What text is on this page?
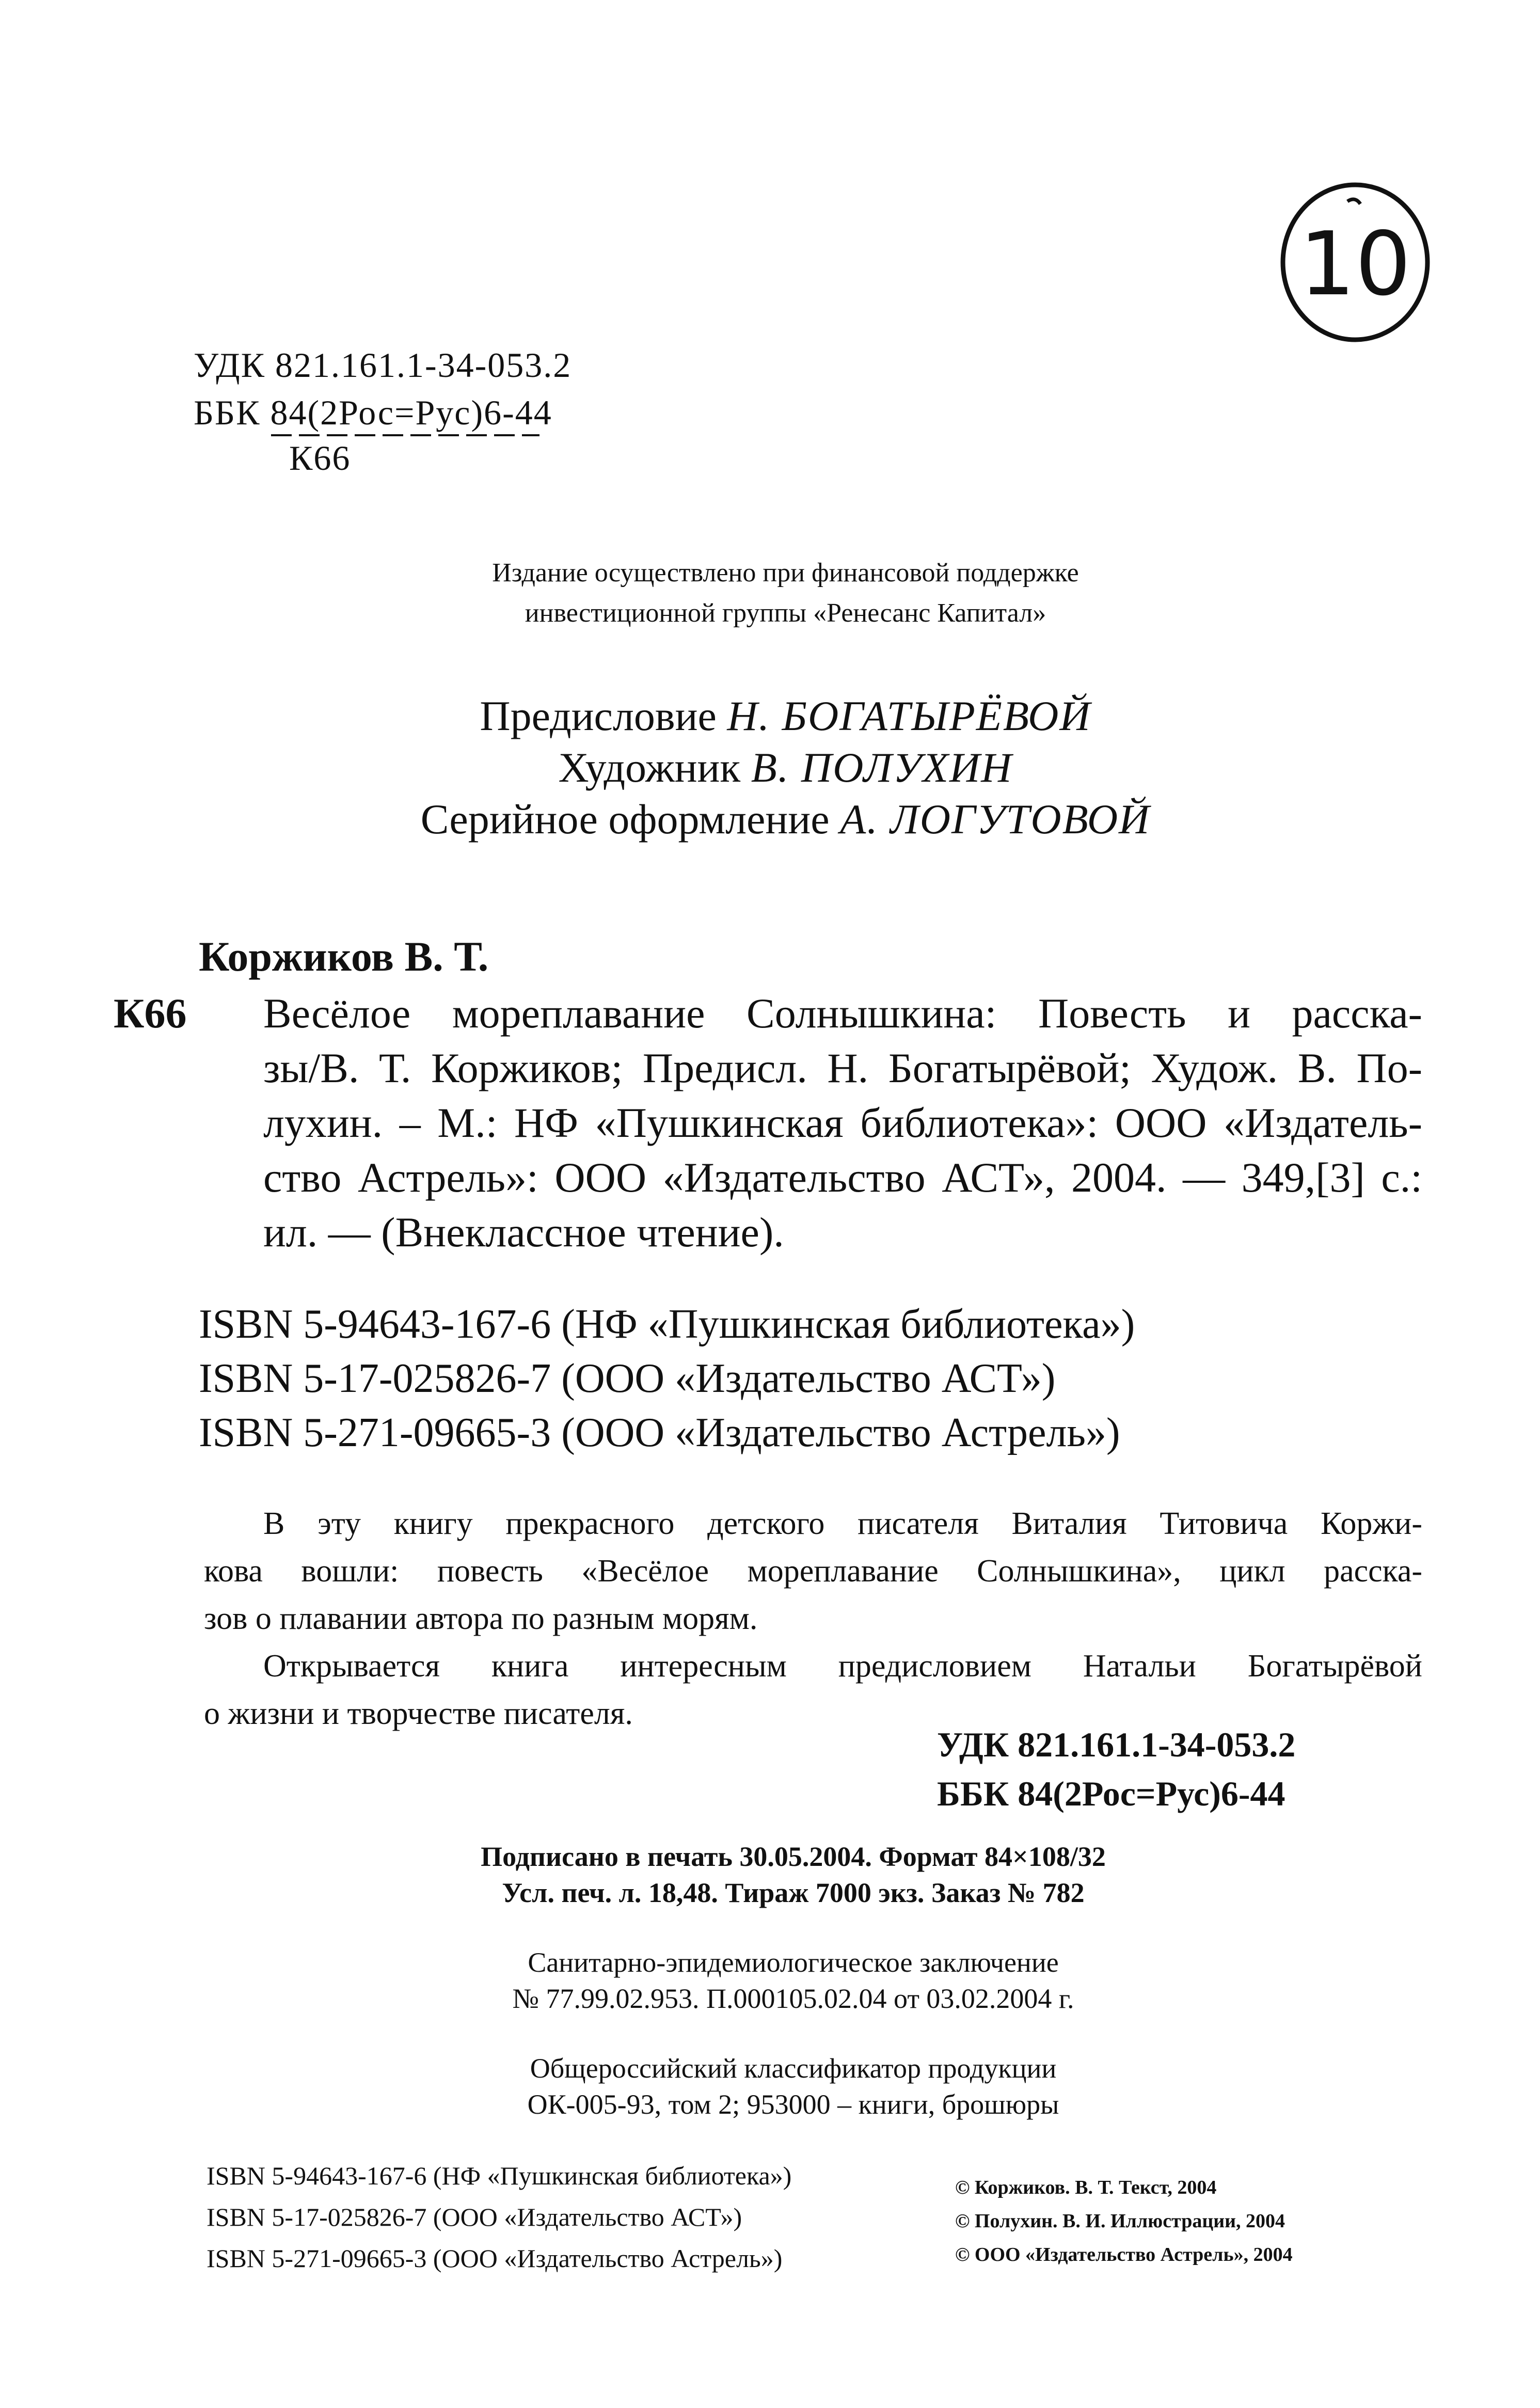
10
УДК 821.161.1-34-053.2
ББК 84(2Рос=Рус)6-44
К66
Издание осуществлено при финансовой поддержке
инвестиционной группы «Ренесанс Капитал»
Предисловие Н. БОГАТЫРЁВОЙ
Художник В. ПОЛУХИН
Серийное оформление А. ЛОГУТОВОЙ
Коржиков В. Т.
К66 Весёлое мореплавание Солнышкина: Повесть и расска-
зы/В. Т. Коржиков; Предисл. Н. Богатырёвой; Худож. В. По-
лухин. – М.: НФ «Пушкинская библиотека»: ООО «Издатель-
ство Астрель»: ООО «Издательство АСТ», 2004. — 349,[3] с.:
ил. — (Внеклассное чтение).
ISBN 5-94643-167-6 (НФ «Пушкинская библиотека»)
ISBN 5-17-025826-7 (ООО «Издательство АСТ»)
ISBN 5-271-09665-3 (ООО «Издательство Астрель»)
В эту книгу прекрасного детского писателя Виталия Титовича Коржи-
кова вошли: повесть «Весёлое мореплавание Солнышкина», цикл расска-
зов о плавании автора по разным морям.
Открывается книга интересным предисловием Натальи Богатырёвой
о жизни и творчестве писателя.
УДК 821.161.1-34-053.2
ББК 84(2Рос=Рус)6-44
Подписано в печать 30.05.2004. Формат 84×108/32
Усл. печ. л. 18,48. Тираж 7000 экз. Заказ № 782
Санитарно-эпидемиологическое заключение
№ 77.99.02.953. П.000105.02.04 от 03.02.2004 г.
Общероссийский классификатор продукции
ОК-005-93, том 2; 953000 – книги, брошюры
ISBN 5-94643-167-6 (НФ «Пушкинская библиотека»)
ISBN 5-17-025826-7 (ООО «Издательство АСТ»)
ISBN 5-271-09665-3 (ООО «Издательство Астрель»)
© Коржиков. В. Т. Текст, 2004
© Полухин. В. И. Иллюстрации, 2004
© ООО «Издательство Астрель», 2004
